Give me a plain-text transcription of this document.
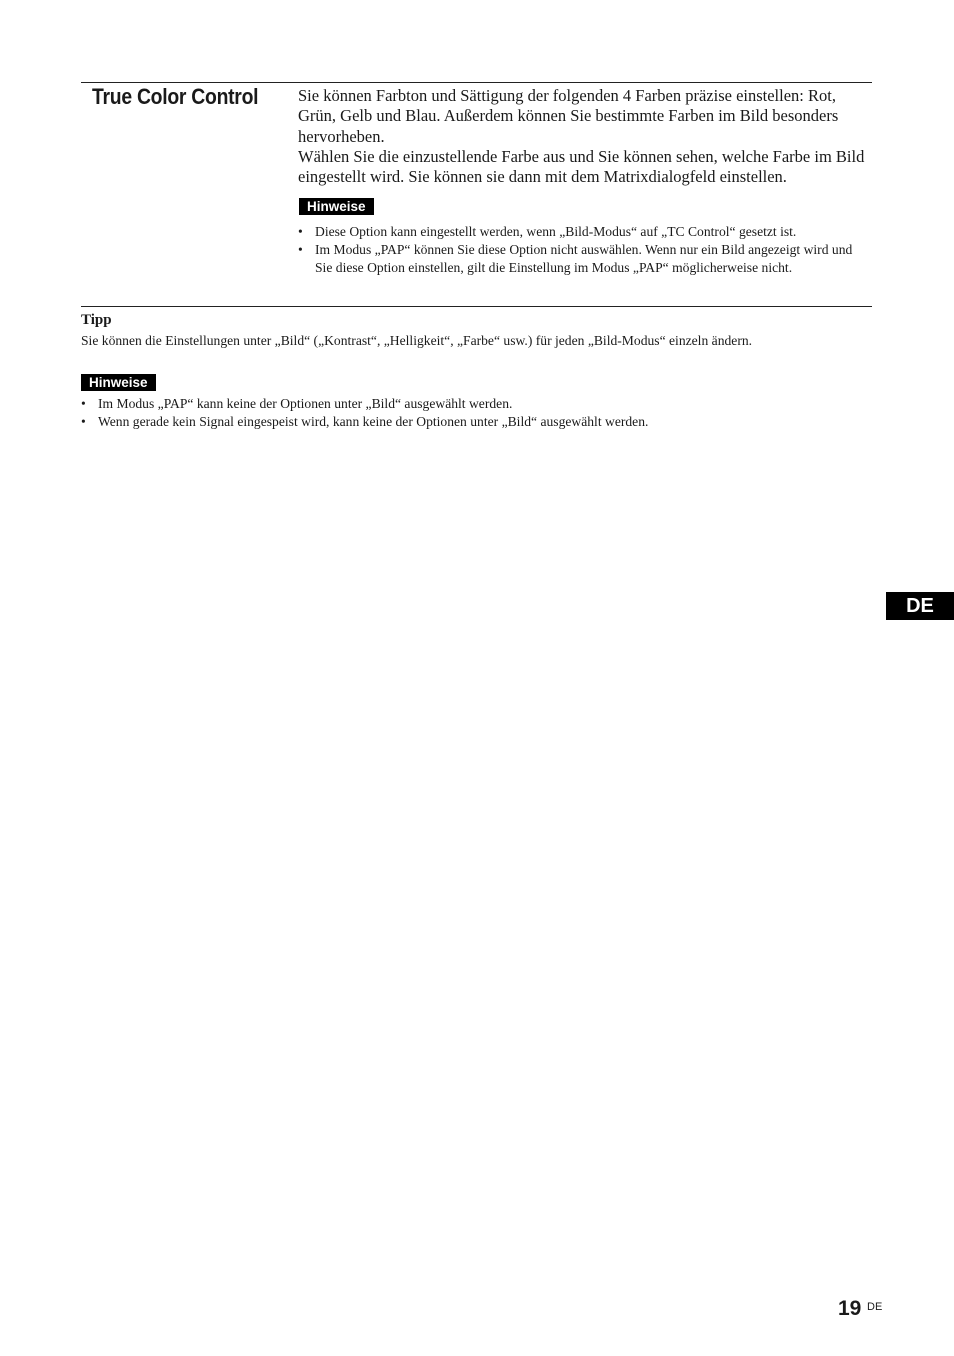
True Color Control Sie können Farbton und Sättigung der folgenden 4 Farben präzise einstellen: Rot, Grün, Gelb und Blau. Außerdem können Sie bestimmte Farben im Bild besonders hervorheben.

Wählen Sie die einzustellende Farbe aus und Sie können sehen, welche Farbe im Bild eingestellt wird. Sie können sie dann mit dem Matrixdialogfeld einstellen.

Hinweise
• Diese Option kann eingestellt werden, wenn „Bild-Modus“ auf „TC Control“ gesetzt ist.
• Im Modus „PAP“ können Sie diese Option nicht auswählen. Wenn nur ein Bild angezeigt wird und Sie diese Option einstellen, gilt die Einstellung im Modus „PAP“ möglicherweise nicht.
Tipp

Sie können die Einstellungen unter „Bild“ („Kontrast“, „Helligkeit“, „Farbe“ usw.) für jeden „Bild-Modus“ einzeln ändern.

Hinweise
• Im Modus „PAP“ kann keine der Optionen unter „Bild“ ausgewählt werden.
• Wenn gerade kein Signal eingespeist wird, kann keine der Optionen unter „Bild“ ausgewählt werden.
DE
19 DE
